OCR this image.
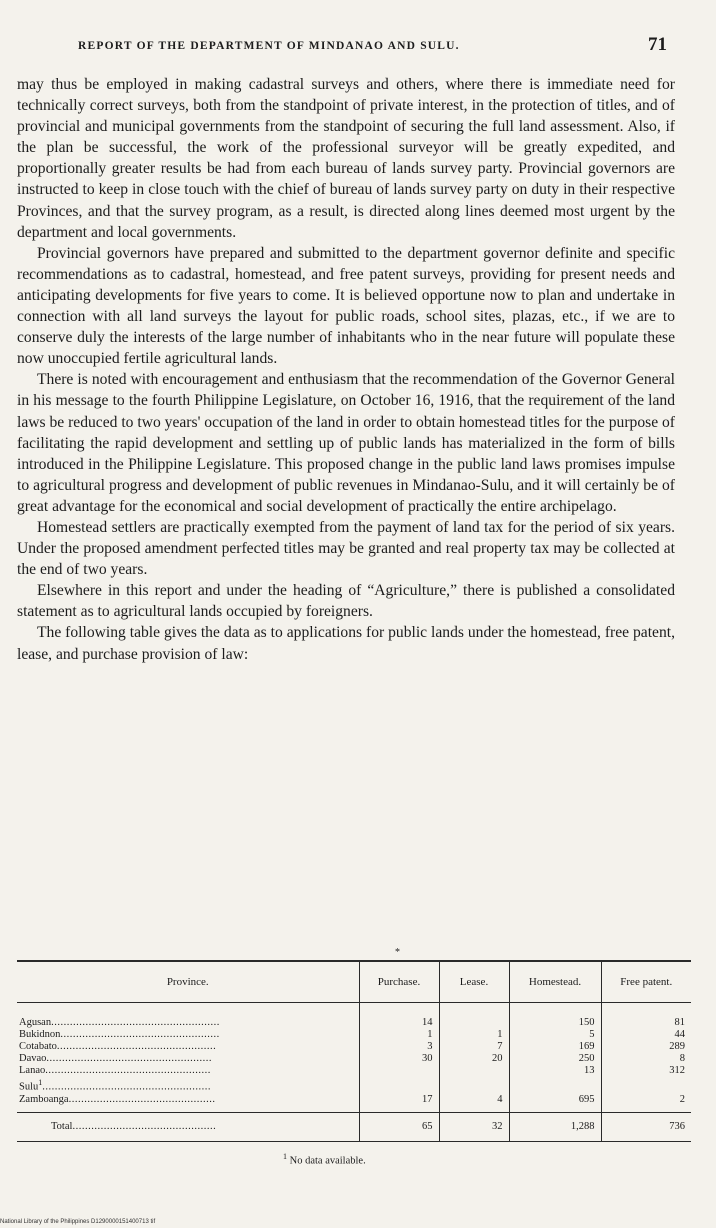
REPORT OF THE DEPARTMENT OF MINDANAO AND SULU.	71

may thus be employed in making cadastral surveys and others, where there is immediate need for technically correct surveys, both from the standpoint of private interest, in the protection of titles, and of provincial and municipal governments from the standpoint of securing the full land assessment. Also, if the plan be successful, the work of the professional surveyor will be greatly expedited, and proportionally greater results be had from each bureau of lands survey party. Provincial governors are instructed to keep in close touch with the chief of bureau of lands survey party on duty in their respective Provinces, and that the survey program, as a result, is directed along lines deemed most urgent by the department and local governments.

Provincial governors have prepared and submitted to the department governor definite and specific recommendations as to cadastral, homestead, and free patent surveys, providing for present needs and anticipating developments for five years to come. It is believed opportune now to plan and undertake in connection with all land surveys the layout for public roads, school sites, plazas, etc., if we are to conserve duly the interests of the large number of inhabitants who in the near future will populate these now unoccupied fertile agricultural lands.

There is noted with encouragement and enthusiasm that the recommendation of the Governor General in his message to the fourth Philippine Legislature, on October 16, 1916, that the requirement of the land laws be reduced to two years' occupation of the land in order to obtain homestead titles for the purpose of facilitating the rapid development and settling up of public lands has materialized in the form of bills introduced in the Philippine Legislature. This proposed change in the public land laws promises impulse to agricultural progress and development of public revenues in Mindanao-Sulu, and it will certainly be of great advantage for the economical and social development of practically the entire archipelago.

Homestead settlers are practically exempted from the payment of land tax for the period of six years. Under the proposed amendment perfected titles may be granted and real property tax may be collected at the end of two years.

Elsewhere in this report and under the heading of “Agriculture,” there is published a consolidated statement as to agricultural lands occupied by foreigners.

The following table gives the data as to applications for public lands under the homestead, free patent, lease, and purchase provision of law:

*
Province.	Purchase.	Lease.	Homestead.	Free patent.
Agusan......................................................	14		150	81
Bukidnon...................................................	1	1	5	44
Cotabato...................................................	3	7	169	289
Davao.....................................................	30	20	250	8
Lanao.....................................................			13	312
Sulu$^1$......................................................				
Zamboanga...............................................	17	4	695	2
Total..............................................	65	32	1,288	736
$^1$ No data available.
National Library of the Philippines D1290000151400713 tif
